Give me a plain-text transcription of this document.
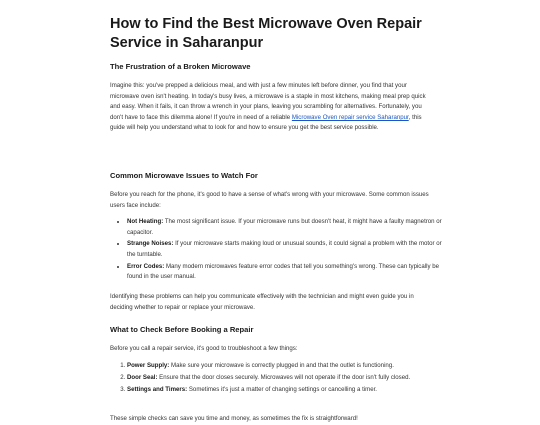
How to Find the Best Microwave Oven Repair Service in Saharanpur
The Frustration of a Broken Microwave

Imagine this: you've prepped a delicious meal, and with just a few minutes left before dinner, you find that your microwave oven isn't heating. In today's busy lives, a microwave is a staple in most kitchens, making meal prep quick and easy. When it fails, it can throw a wrench in your plans, leaving you scrambling for alternatives. Fortunately, you don't have to face this dilemma alone! If you're in need of a reliable Microwave Oven repair service Saharanpur, this guide will help you understand what to look for and how to ensure you get the best service possible.

Common Microwave Issues to Watch For

Before you reach for the phone, it's good to have a sense of what's wrong with your microwave. Some common issues users face include:

• Not Heating: The most significant issue. If your microwave runs but doesn't heat, it might have a faulty magnetron or capacitor.
• Strange Noises: If your microwave starts making loud or unusual sounds, it could signal a problem with the motor or the turntable.
• Error Codes: Many modern microwaves feature error codes that tell you something's wrong. These can typically be found in the user manual.

Identifying these problems can help you communicate effectively with the technician and might even guide you in deciding whether to repair or replace your microwave.

What to Check Before Booking a Repair

Before you call a repair service, it's good to troubleshoot a few things:

1. Power Supply: Make sure your microwave is correctly plugged in and that the outlet is functioning.
2. Door Seal: Ensure that the door closes securely. Microwaves will not operate if the door isn't fully closed.
3. Settings and Timers: Sometimes it's just a matter of changing settings or cancelling a timer.

These simple checks can save you time and money, as sometimes the fix is straightforward!
